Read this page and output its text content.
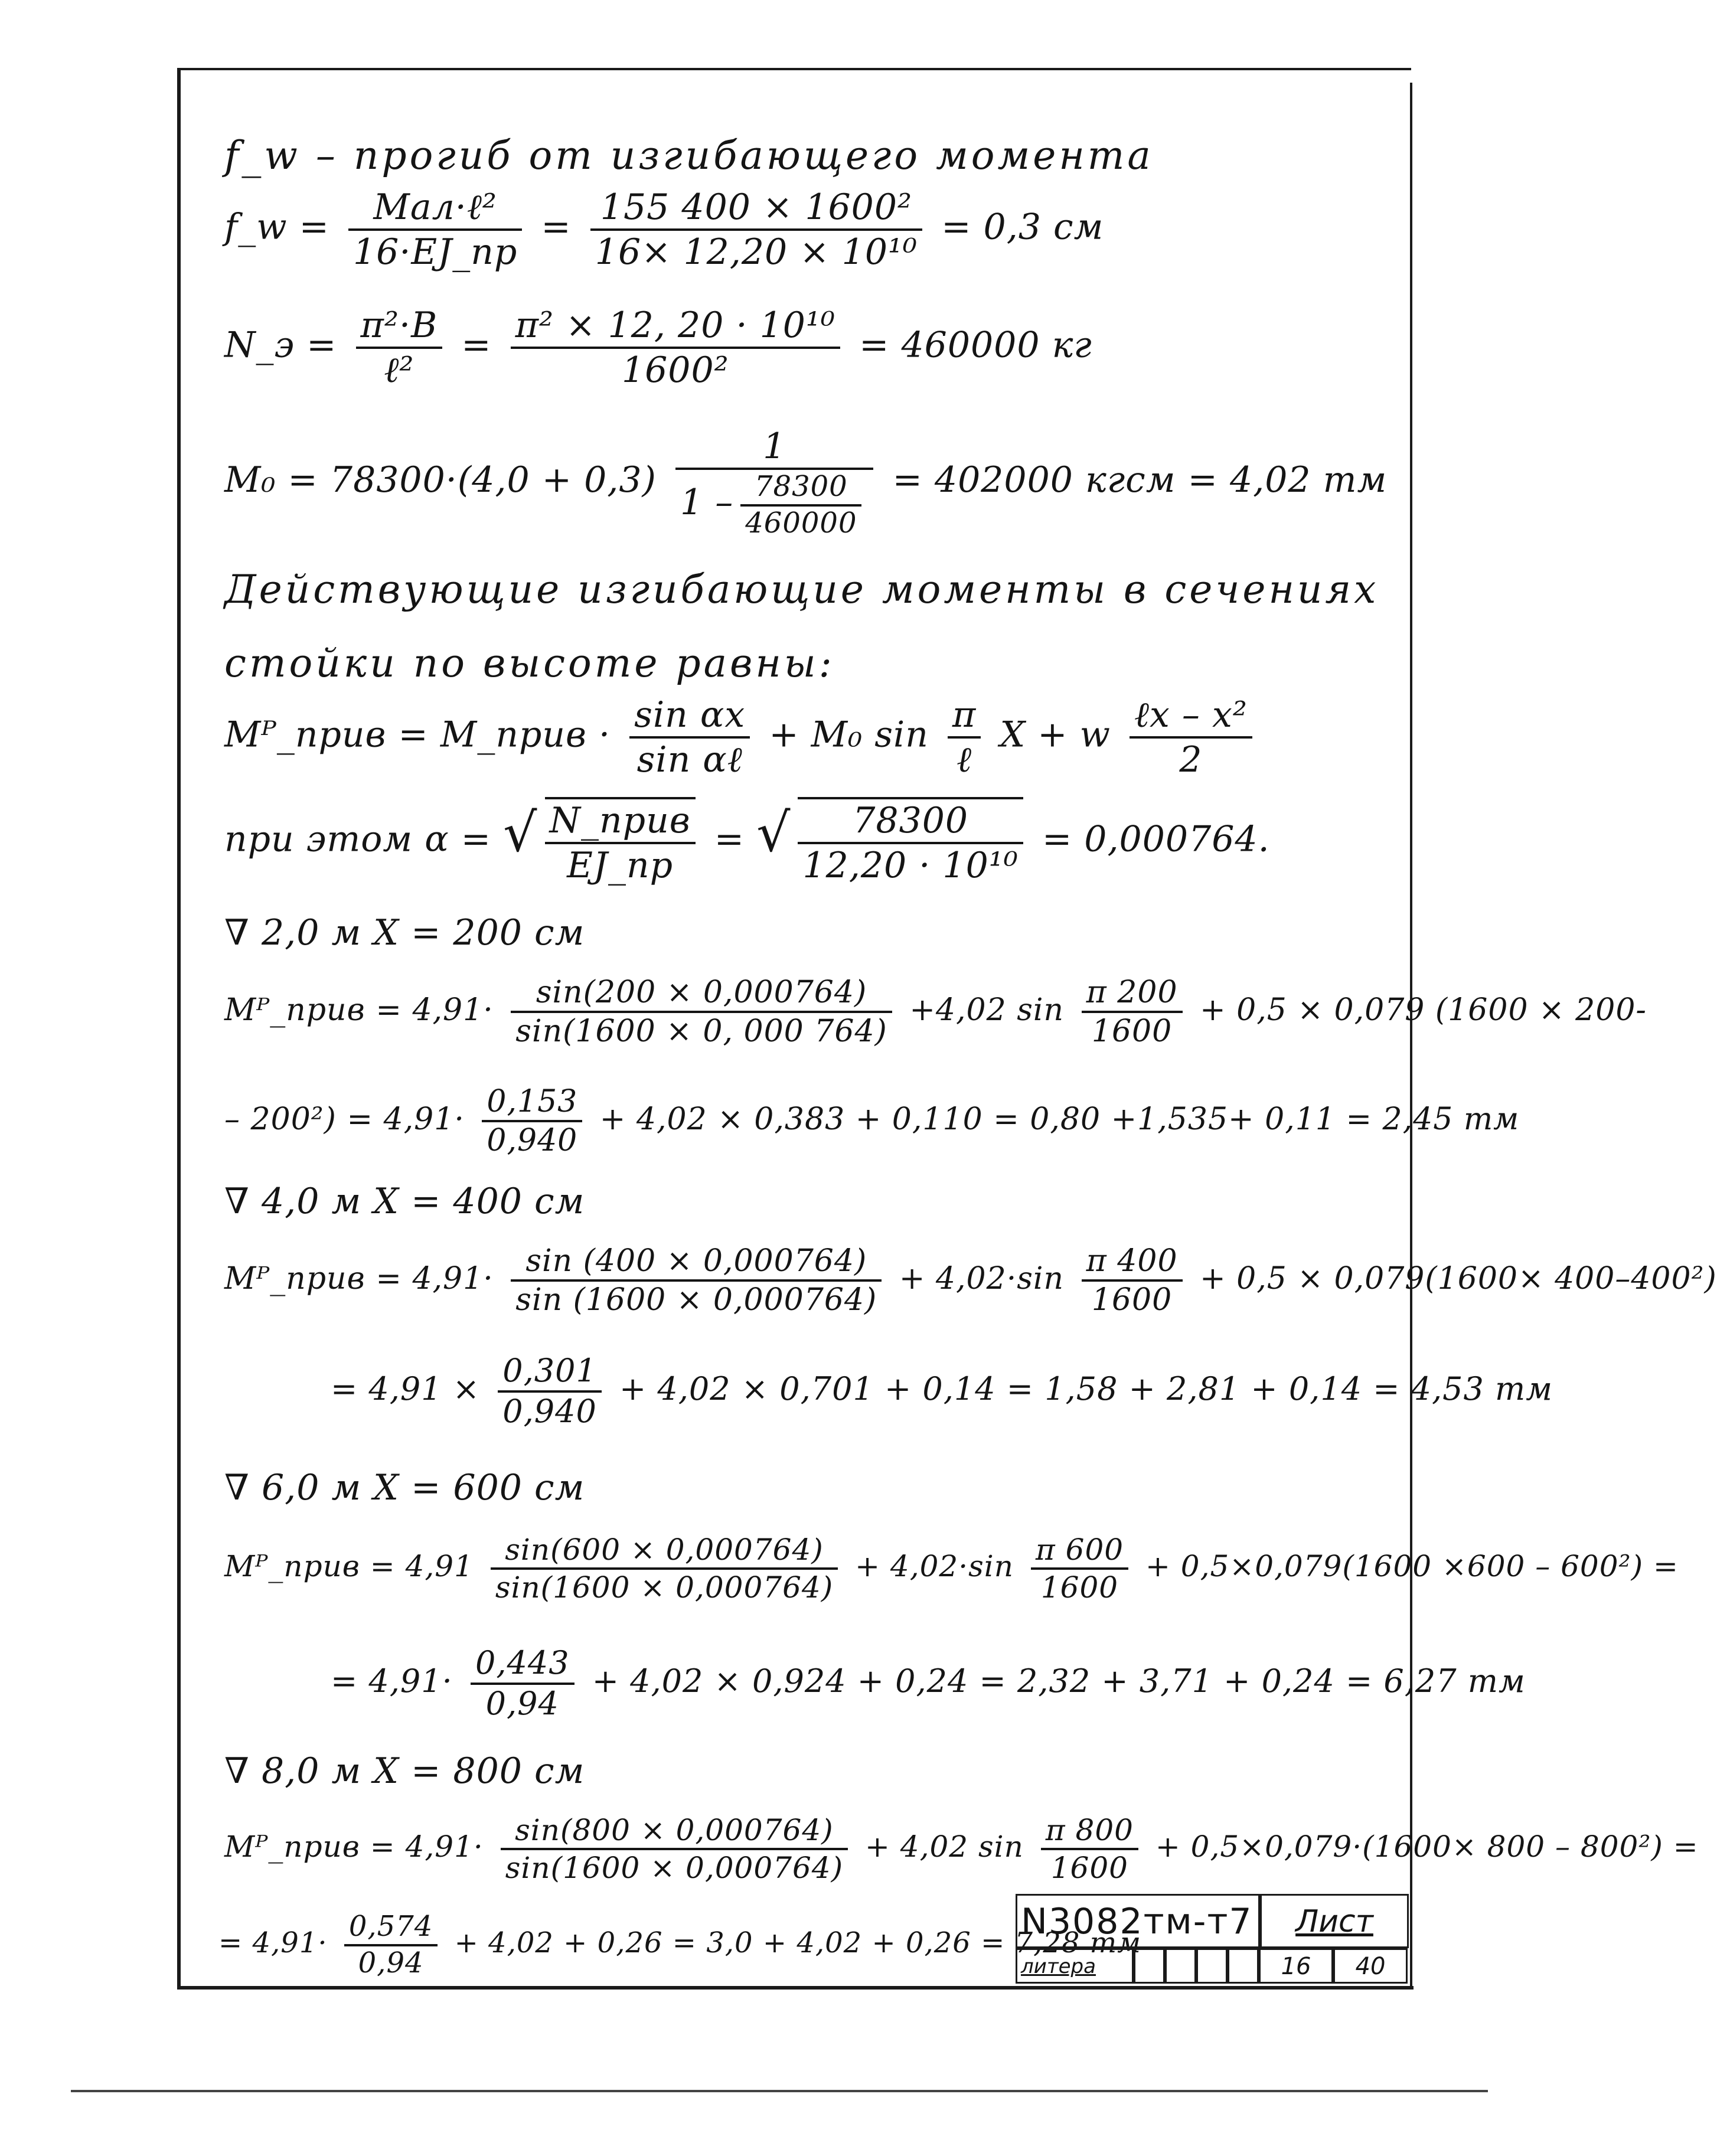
f_w – прогиб от изгибающего момента
f_w = $\frac{\text{Mал·ℓ²}}{16\cdot EJ\_пр} = \frac{\text{155 400 × 1600²}}{\text{16× 12,20 × 10¹⁰}} = 0,3$ см
N_э = $\frac{\text{π²·B}}{\text{ℓ²}} = \frac{\text{π² × 12, 20 · 10¹⁰}}{\text{1600²}} = 460000$ кг
$M_0 = 78300\cdot(4,0 + 0,3) \frac{1}{1 - \frac{78300}{460000}} = 402000$ кгсм = 4,02 тм
Действующие изгибающие моменты в сечениях
стойки по высоте равны:
Mᴾ_прив = M_прив · $\frac{\text{sin αx}}{\text{sin αℓ}} + M_0$ $\sin \frac{\pi}{\text{ℓ}}$ X + w $\frac{\text{ℓx – x²}}{2}$
при этом α = √ $\frac{\text{N\_прив}}{EJ\_пр}$ = √ $\frac{78300}{\text{12,20 · 10¹⁰}} = 0,000764$.
∇ 2,0 м X = 200 см
Mᴾ_прив = $4,91\cdot \frac{\sin(200 \times 0,000764)}{\sin(1600 \times 0, 000 764)} +4,02$ $\sin \frac{\pi 200}{1600} + 0,5 \times 0,079$ (1600 × 200-
– $200^2) = 4,91\cdot \frac{0,153}{0,940} + 4,02 \times 0,383 + 0,110 = 0,80 +1,535+ 0,11 = 2,45$ тм
∇ 4,0 м X = 400 см
Mᴾ_прив = $4,91\cdot \frac{\sin (400 \times 0,000764)}{\sin (1600 \times 0,000764)} + 4,02\cdot\sin \frac{\pi 400}{1600} + 0,5 \times 0,079(1600\times 400-400^2)$
= $4,91 \times \frac{0,301}{0,940} + 4,02 \times 0,701 + 0,14 = 1,58 + 2,81 + 0,14 = 4,53$ тм
∇ 6,0 м X = 600 см
Mᴾ_прив = $4,91 \frac{\sin(600 \times 0,000764)}{\sin(1600 \times 0,000764)} + 4,02\cdot\sin \frac{\pi 600}{1600} + 0,5\times 0,079(1600 \times 600 - 600^2)$ =
= $4,91\cdot \frac{0,443}{0,94} + 4,02 \times 0,924 + 0,24 = 2,32 + 3,71 + 0,24 = 6,27$ тм
∇ 8,0 м X = 800 см
Mᴾ_прив = $4,91\cdot \frac{\sin(800 \times 0,000764)}{\sin(1600 \times 0,000764)} + 4,02$ $\sin \frac{\pi 800}{1600} + 0,5\times 0,079\cdot(1600\times 800 - 800^2)$ =
= $4,91\cdot \frac{0,574}{0,94} + 4,02 + 0,26 = 3,0 + 4,02 + 0,26 = 7,28$ тм
N3082тм-т7	Лист
литера	16	40
